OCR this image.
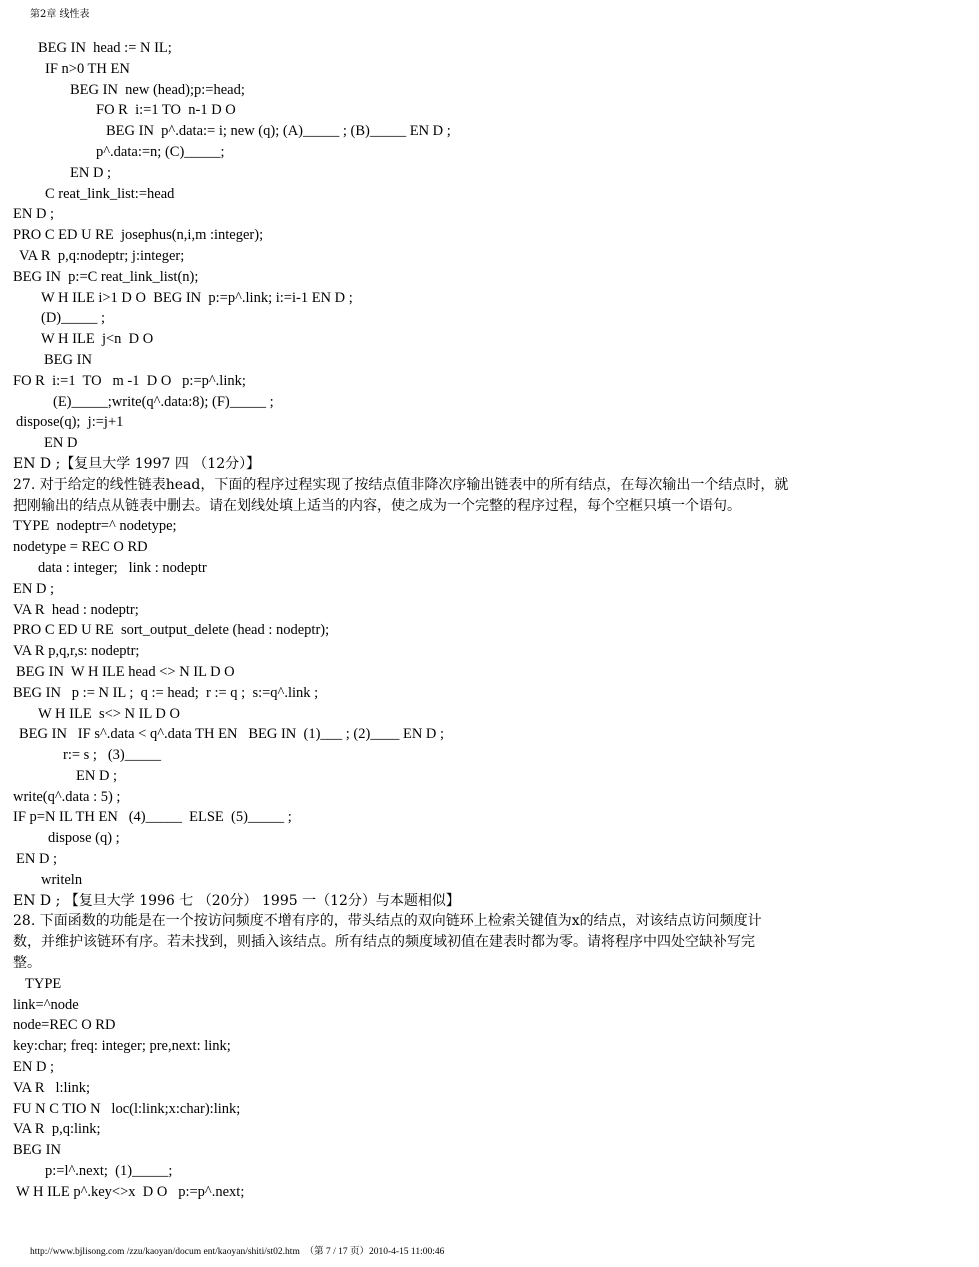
第2章 线性表
BEG IN  head := N IL;
IF n>0 TH EN
BEG IN  new (head);p:=head;
FO R  i:=1 TO  n-1 D O
BEG IN  p^.data:= i; new (q); (A)_____ ; (B)_____ EN D ;
p^.data:=n; (C)_____;
EN D ;
C reat_link_list:=head
EN D ;
PRO C ED U RE  josephus(n,i,m :integer);
VA R  p,q:nodeptr; j:integer;
BEG IN  p:=C reat_link_list(n);
W H ILE i>1 D O  BEG IN  p:=p^.link; i:=i-1 EN D ;
(D)_____ ;
W H ILE  j<n  D O
BEG IN
FO R  i:=1  TO   m -1  D O   p:=p^.link;
(E)_____;write(q^.data:8); (F)_____ ;
dispose(q);  j:=j+1
EN D
EN D ;【复旦大学 1997 四 （12分）】
27. 对于给定的线性链表head，下面的程序过程实现了按结点值非降次序输出链表中的所有结点，在每次输出一个结点时，就
把刚输出的结点从链表中删去。请在划线处填上适当的内容，使之成为一个完整的程序过程，每个空框只填一个语句。
TYPE  nodeptr=^ nodetype;
nodetype = REC O RD
data : integer;   link : nodeptr
EN D ;
VA R  head : nodeptr;
PRO C ED U RE  sort_output_delete (head : nodeptr);
VA R p,q,r,s: nodeptr;
BEG IN  W H ILE head <> N IL D O
BEG IN   p := N IL ;  q := head;  r := q ;  s:=q^.link ;
W H ILE  s<> N IL D O
BEG IN   IF s^.data < q^.data TH EN   BEG IN  (1)___ ; (2)____ EN D ;
r:= s ;   (3)_____
EN D ;
write(q^.data : 5) ;
IF p=N IL TH EN   (4)_____  ELSE  (5)_____ ;
dispose (q) ;
EN D ;
writeln
EN D ; 【复旦大学 1996 七 （20分） 1995 一（12分）与本题相似】
28. 下面函数的功能是在一个按访问频度不增有序的，带头结点的双向链环上检索关键值为x的结点，对该结点访问频度计
数，并维护该链环有序。若未找到，则插入该结点。所有结点的频度域初值在建表时都为零。请将程序中四处空缺补写完
整。
TYPE
link=^node
node=REC O RD
key:char; freq: integer; pre,next: link;
EN D ;
VA R   l:link;
FU N C TIO N   loc(l:link;x:char):link;
VA R  p,q:link;
BEG IN
p:=l^.next;  (1)_____;
W H ILE p^.key<>x  D O   p:=p^.next;
http://www.bjlisong.com /zzu/kaoyan/docum ent/kaoyan/shiti/st02.htm  （第 7 / 17 页）2010-4-15 11:00:46
